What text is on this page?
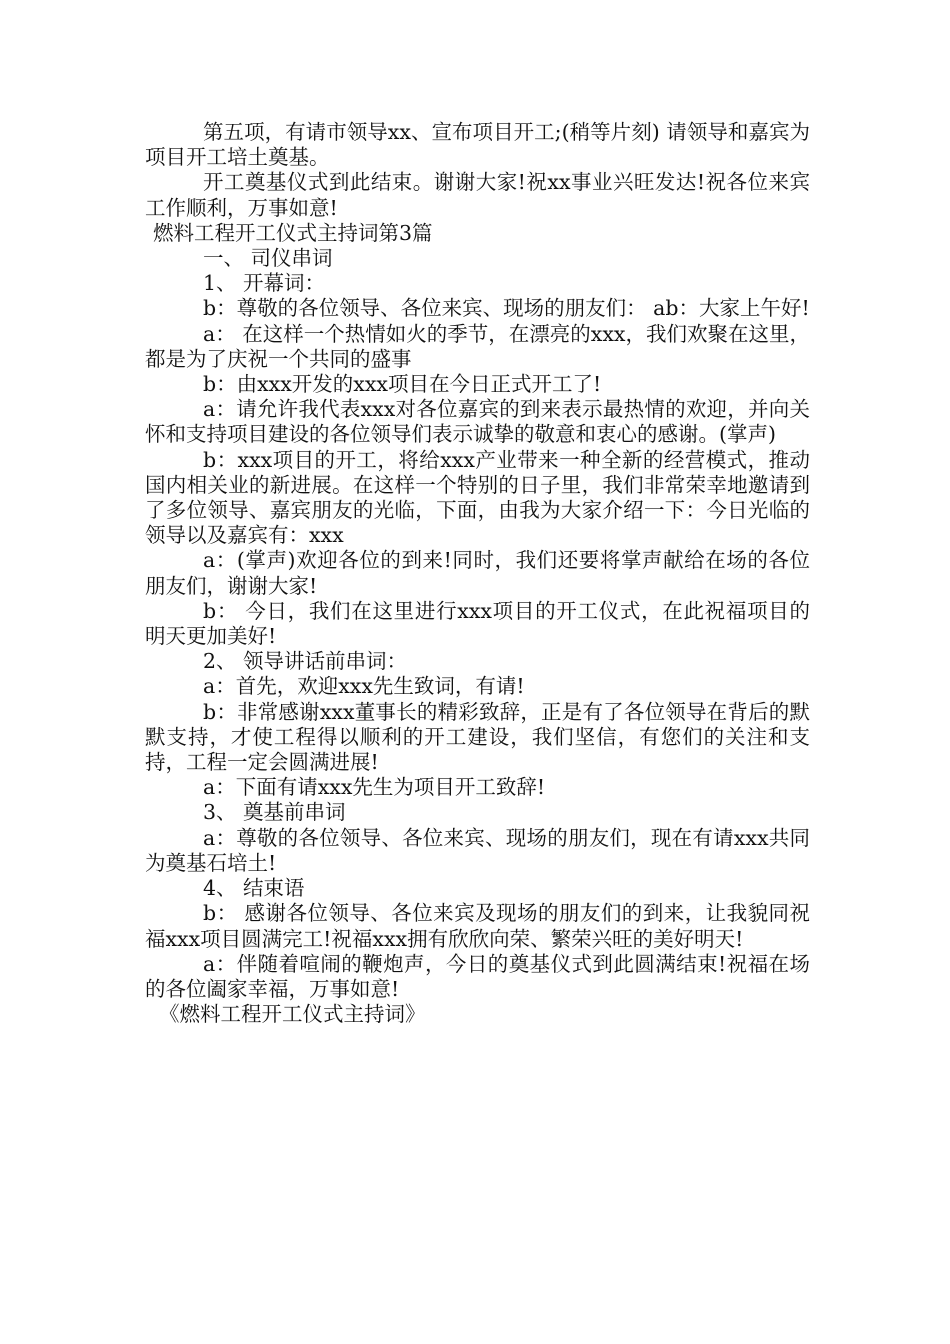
第五项，有请市领导xx、宣布项目开工;(稍等片刻) 请领导和嘉宾为项目开工培土奠基。

开工奠基仪式到此结束。谢谢大家!祝xx事业兴旺发达!祝各位来宾工作顺利，万事如意!

燃料工程开工仪式主持词第3篇

一、 司仪串词

1、 开幕词：

b：尊敬的各位领导、各位来宾、现场的朋友们： ab：大家上午好!

a： 在这样一个热情如火的季节，在漂亮的xxx，我们欢聚在这里，都是为了庆祝一个共同的盛事

b：由xxx开发的xxx项目在今日正式开工了!

a：请允许我代表xxx对各位嘉宾的到来表示最热情的欢迎，并向关怀和支持项目建设的各位领导们表示诚挚的敬意和衷心的感谢。(掌声)

b：xxx项目的开工，将给xxx产业带来一种全新的经营模式，推动国内相关业的新进展。在这样一个特别的日子里，我们非常荣幸地邀请到了多位领导、嘉宾朋友的光临，下面，由我为大家介绍一下：今日光临的领导以及嘉宾有：xxx

a：(掌声)欢迎各位的到来!同时，我们还要将掌声献给在场的各位朋友们，谢谢大家!

b： 今日，我们在这里进行xxx项目的开工仪式，在此祝福项目的明天更加美好!

2、 领导讲话前串词：

a：首先，欢迎xxx先生致词，有请!

b：非常感谢xxx董事长的精彩致辞，正是有了各位领导在背后的默默支持，才使工程得以顺利的开工建设，我们坚信，有您们的关注和支持，工程一定会圆满进展!

a：下面有请xxx先生为项目开工致辞!

3、 奠基前串词

a：尊敬的各位领导、各位来宾、现场的朋友们，现在有请xxx共同为奠基石培土!

4、 结束语

b： 感谢各位领导、各位来宾及现场的朋友们的到来，让我貌同祝福xxx项目圆满完工!祝福xxx拥有欣欣向荣、繁荣兴旺的美好明天!

a：伴随着喧闹的鞭炮声，今日的奠基仪式到此圆满结束!祝福在场的各位阖家幸福，万事如意!

《燃料工程开工仪式主持词》
